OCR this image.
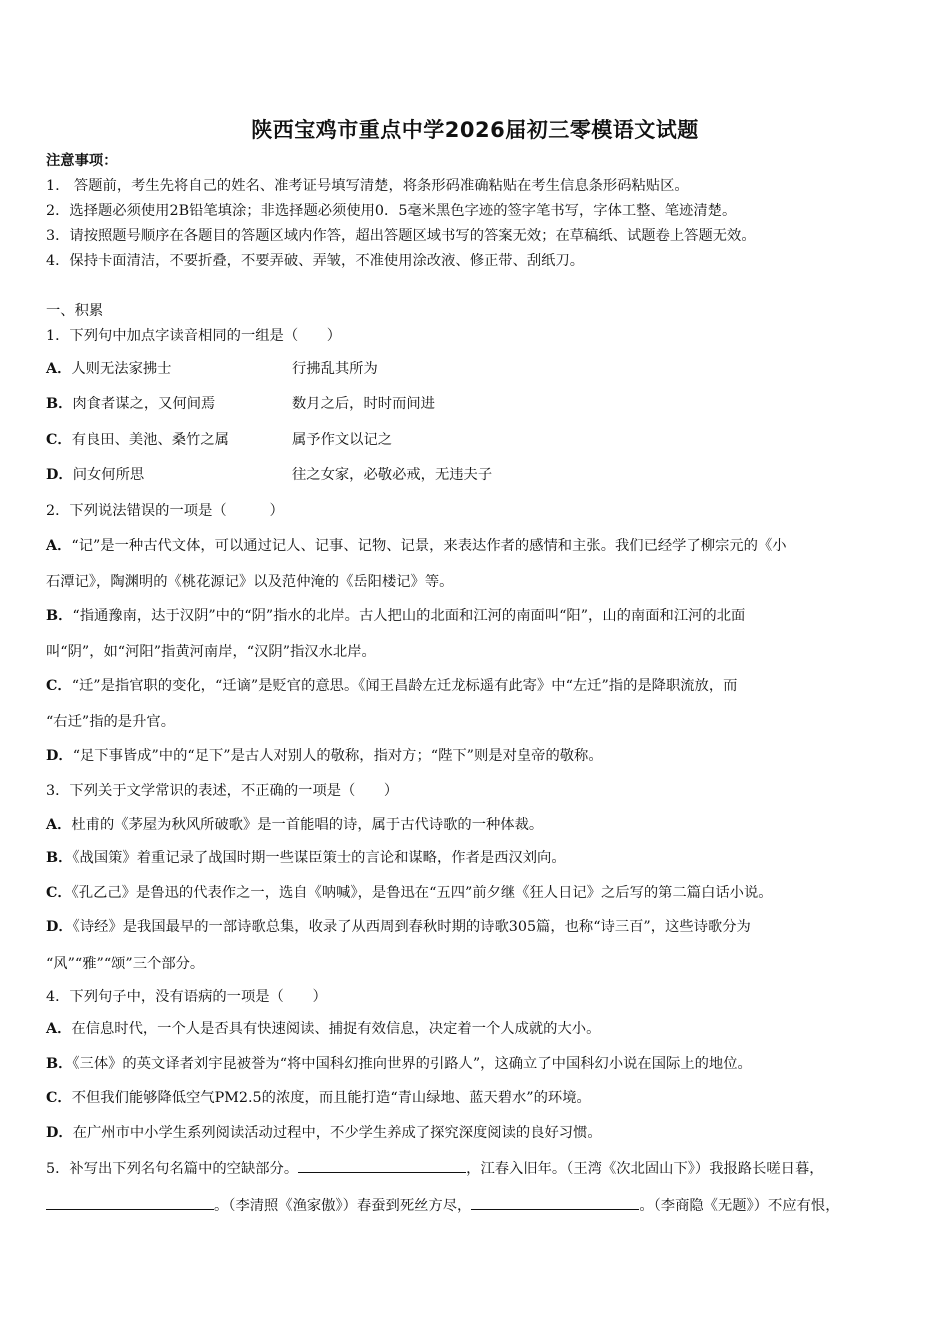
陕西宝鸡市重点中学2026届初三零模语文试题
注意事项：
1.　答题前，考生先将自己的姓名、准考证号填写清楚，将条形码准确粘贴在考生信息条形码粘贴区。
2．选择题必须使用2B铅笔填涂；非选择题必须使用0．5毫米黑色字迹的签字笔书写，字体工整、笔迹清楚。
3．请按照题号顺序在各题目的答题区域内作答，超出答题区域书写的答案无效；在草稿纸、试题卷上答题无效。
4．保持卡面清洁，不要折叠，不要弄破、弄皱，不准使用涂改液、修正带、刮纸刀。
一、积累
1．下列句中加点字读音相同的一组是（　　）
A．人则无法家拂士	行拂乱其所为
B．肉食者谋之，又何间焉	数月之后，时时而间进
C．有良田、美池、桑竹之属	属予作文以记之
D．问女何所思	往之女家，必敬必戒，无违夫子
2．下列说法错误的一项是（　　　）
A．“记”是一种古代文体，可以通过记人、记事、记物、记景，来表达作者的感情和主张。我们已经学了柳宗元的《小
石潭记》，陶渊明的《桃花源记》以及范仲淹的《岳阳楼记》等。
B．“指通豫南，达于汉阴”中的“阴”指水的北岸。古人把山的北面和江河的南面叫“阳”，山的南面和江河的北面
叫“阴”，如“河阳”指黄河南岸，“汉阴”指汉水北岸。
C．“迁”是指官职的变化，“迁谪”是贬官的意思。《闻王昌龄左迁龙标遥有此寄》中“左迁”指的是降职流放，而
“右迁”指的是升官。
D．“足下事皆成”中的“足下”是古人对别人的敬称，指对方；“陛下”则是对皇帝的敬称。
3．下列关于文学常识的表述，不正确的一项是（　　）
A．杜甫的《茅屋为秋风所破歌》是一首能唱的诗，属于古代诗歌的一种体裁。
B．《战国策》着重记录了战国时期一些谋臣策士的言论和谋略，作者是西汉刘向。
C．《孔乙己》是鲁迅的代表作之一，选自《呐喊》，是鲁迅在“五四”前夕继《狂人日记》之后写的第二篇白话小说。
D．《诗经》是我国最早的一部诗歌总集，收录了从西周到春秋时期的诗歌305篇，也称“诗三百”，这些诗歌分为
“风”“雅”“颂”三个部分。
4．下列句子中，没有语病的一项是（　　）
A．在信息时代，一个人是否具有快速阅读、捕捉有效信息，决定着一个人成就的大小。
B．《三体》的英文译者刘宇昆被誉为“将中国科幻推向世界的引路人”，这确立了中国科幻小说在国际上的地位。
C．不但我们能够降低空气PM2.5的浓度，而且能打造“青山绿地、蓝天碧水”的环境。
D．在广州市中小学生系列阅读活动过程中，不少学生养成了探究深度阅读的良好习惯。
5．补写出下列名句名篇中的空缺部分。	，江春入旧年。（王湾《次北固山下》）我报路长嗟日暮，
。（李清照《渔家傲》）春蚕到死丝方尽，	。（李商隐《无题》）不应有恨，
